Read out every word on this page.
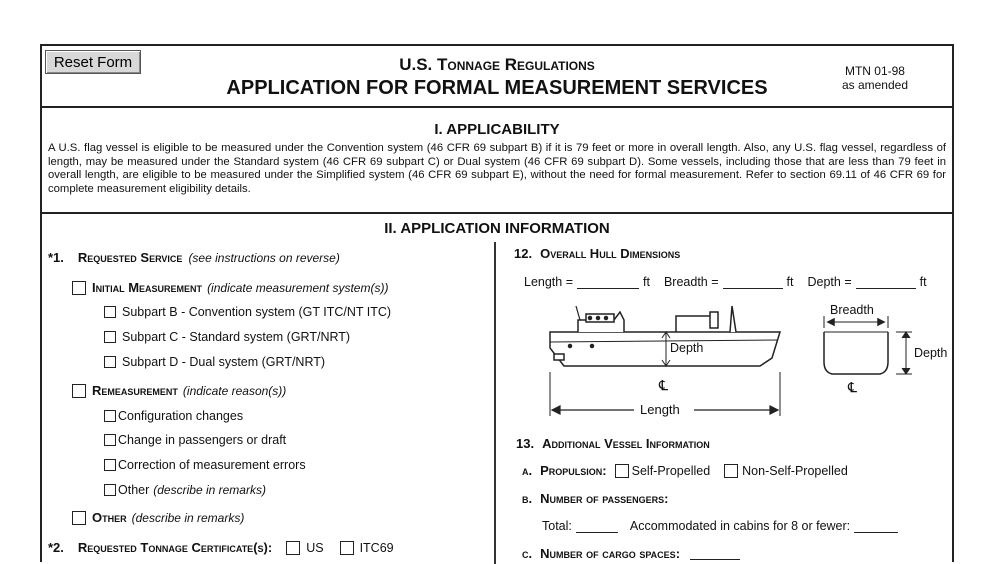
Reset Form	U.S. Tonnage Regulations
APPLICATION FOR FORMAL MEASUREMENT SERVICES
MTN 01-98
as amended
I. APPLICABILITY
A U.S. flag vessel is eligible to be measured under the Convention system (46 CFR 69 subpart B) if it is 79 feet or more in overall length. Also, any U.S. flag vessel, regardless of length, may be measured under the Standard system (46 CFR 69 subpart C) or Dual system (46 CFR 69 subpart D). Some vessels, including those that are less than 79 feet in overall length, are eligible to be measured under the Simplified system (46 CFR 69 subpart E), without the need for formal measurement. Refer to section 69.11 of 46 CFR 69 for complete measurement eligibility details.
II. APPLICATION INFORMATION
*1. Requested Service (see instructions on reverse)
Initial Measurement (indicate measurement system(s))
Subpart B - Convention system (GT ITC/NT ITC)
Subpart C - Standard system (GRT/NRT)
Subpart D - Dual system (GRT/NRT)
Remeasurement (indicate reason(s))
Configuration changes
Change in passengers or draft
Correction of measurement errors
Other (describe in remarks)
Other (describe in remarks)
*2. Requested Tonnage Certificate(s):	US	ITC69
12. Overall Hull Dimensions
Length =	ft Breadth =	ft Depth =	ft
Depth
℄
Length
Breadth
Depth
℄
13. Additional Vessel Information
a. Propulsion: Self-Propelled	Non-Self-Propelled
b. Number of passengers:
Total:	Accommodated in cabins for 8 or fewer:
c. Number of cargo spaces:
